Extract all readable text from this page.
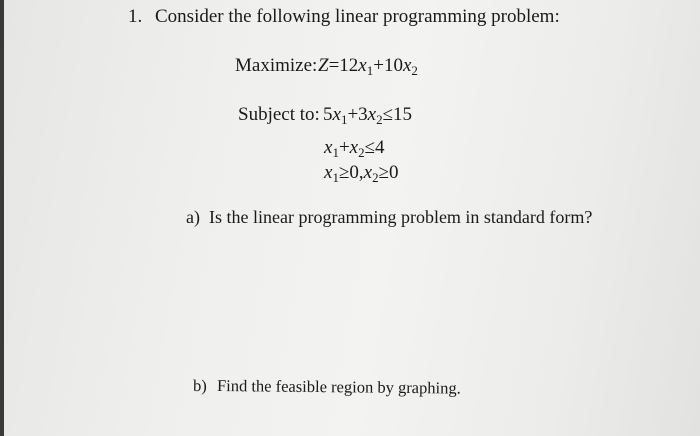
1. Consider the following linear programming problem:
Maximize: $Z=12x_1+10x_2$
Subject to: $5x_1+3x_2\le 15$
$x_1+x_2\le 4$
$x_1\ge 0,x_2\ge 0$
a) Is the linear programming problem in standard form?
b) Find the feasible region by graphing.
